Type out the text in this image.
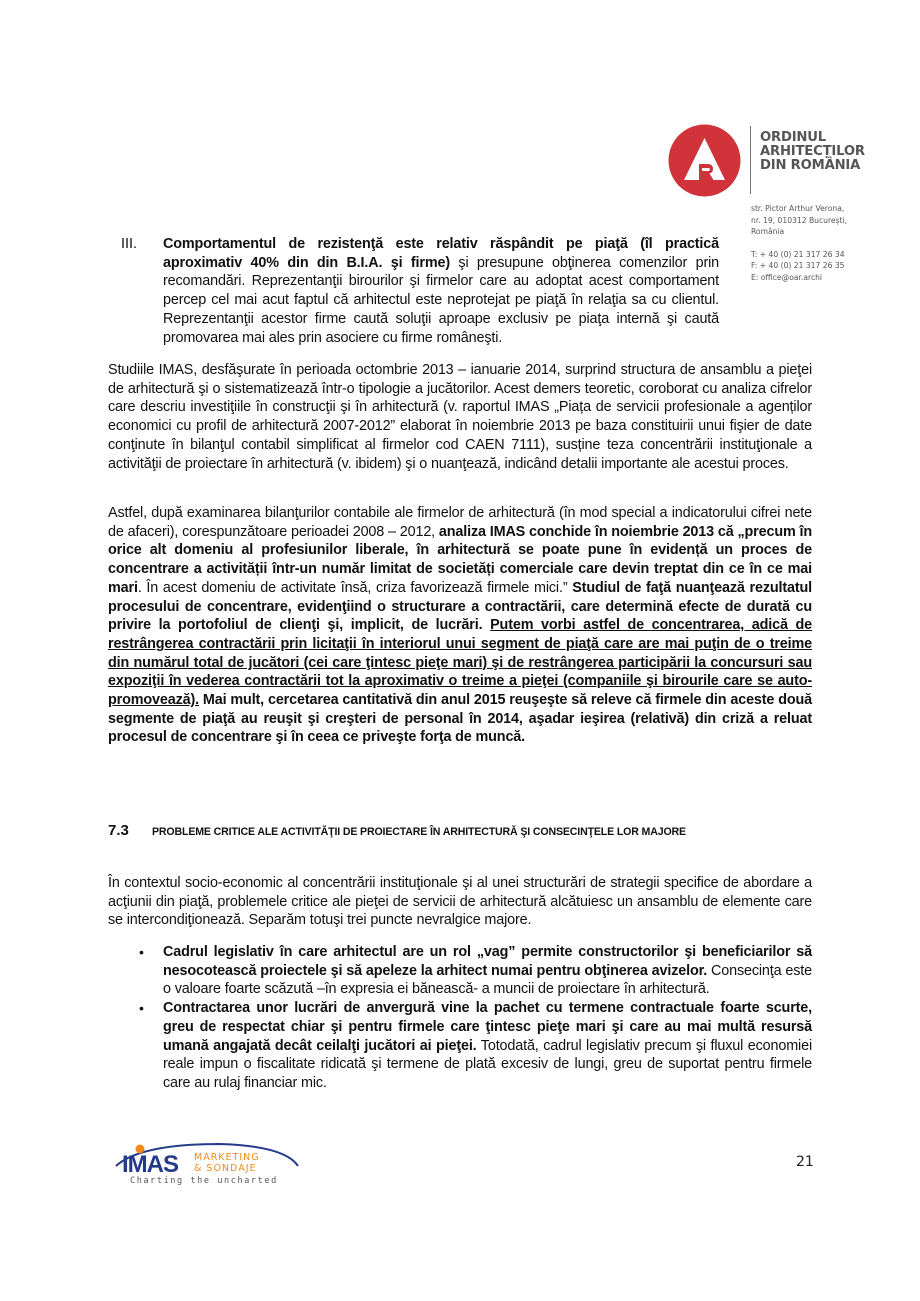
ORDINUL
ARHITECȚILOR
DIN ROMÂNIA
str. Pictor Arthur Verona,
nr. 19, 010312 București,
România
T: + 40 (0) 21 317 26 34
F: + 40 (0) 21 317 26 35
E: office@oar.archi
III. Comportamentul de rezistenţă este relativ răspândit pe piaţă (îl practică aproximativ 40% din din B.I.A. şi firme) şi presupune obţinerea comenzilor prin recomandări. Reprezentanţii birourilor şi firmelor care au adoptat acest comportament percep cel mai acut faptul că arhitectul este neprotejat pe piaţă în relaţia sa cu clientul. Reprezentanţii acestor firme caută soluţii aproape exclusiv pe piaţa internă şi caută promovarea mai ales prin asociere cu firme româneşti.
Studiile IMAS, desfăşurate în perioada octombrie 2013 – ianuarie 2014, surprind structura de ansamblu a pieţei de arhitectură şi o sistematizează într-o tipologie a jucătorilor. Acest demers teoretic, coroborat cu analiza cifrelor care descriu investiţiile în construcţii şi în arhitectură (v. raportul IMAS „Piața de servicii profesionale a agenților economici cu profil de arhitectură 2007-2012” elaborat în noiembrie 2013 pe baza constituirii unui fişier de date conţinute în bilanţul contabil simplificat al firmelor cod CAEN 7111), susține teza concentrării instituţionale a activităţii de proiectare în arhitectură (v. ibidem) şi o nuanţează, indicând detalii importante ale acestui proces.
Astfel, după examinarea bilanţurilor contabile ale firmelor de arhitectură (în mod special a indicatorului cifrei nete de afaceri), corespunzătoare perioadei 2008 – 2012, analiza IMAS conchide în noiembrie 2013 că „precum în orice alt domeniu al profesiunilor liberale, în arhitectură se poate pune în evidență un proces de concentrare a activității într-un număr limitat de societăți comerciale care devin treptat din ce în ce mai mari. În acest domeniu de activitate însă, criza favorizează firmele mici.” Studiul de faţă nuanţează rezultatul procesului de concentrare, evidenţiind o structurare a contractării, care determină efecte de durată cu privire la portofoliul de clienţi şi, implicit, de lucrări. Putem vorbi astfel de concentrarea, adică de restrângerea contractării prin licitaţii în interiorul unui segment de piaţă care are mai puţin de o treime din numărul total de jucători (cei care ţintesc pieţe mari) şi de restrângerea participării la concursuri sau expoziţii în vederea contractării tot la aproximativ o treime a pieţei (companiile şi birourile care se auto-promovează). Mai mult, cercetarea cantitativă din anul 2015 reuşeşte să releve că firmele din aceste două segmente de piaţă au reuşit şi creşteri de personal în 2014, aşadar ieşirea (relativă) din criză a reluat procesul de concentrare şi în ceea ce priveşte forţa de muncă.
7.3 PROBLEME CRITICE ALE ACTIVITĂŢII DE PROIECTARE ÎN ARHITECTURĂ ŞI CONSECINŢELE LOR MAJORE
În contextul socio-economic al concentrării instituţionale şi al unei structurări de strategii specifice de abordare a acţiunii din piaţă, problemele critice ale pieţei de servicii de arhitectură alcătuiesc un ansamblu de elemente care se intercondiţionează. Separăm totuşi trei puncte nevralgice majore.
• Cadrul legislativ în care arhitectul are un rol „vag” permite constructorilor şi beneficiarilor să nesocotească proiectele şi să apeleze la arhitect numai pentru obţinerea avizelor. Consecinţa este o valoare foarte scăzută –în expresia ei bănească- a muncii de proiectare în arhitectură.
• Contractarea unor lucrări de anvergură vine la pachet cu termene contractuale foarte scurte, greu de respectat chiar şi pentru firmele care ţintesc pieţe mari şi care au mai multă resursă umană angajată decât ceilalţi jucători ai pieţei. Totodată, cadrul legislativ precum şi fluxul economiei reale impun o fiscalitate ridicată şi termene de plată excesiv de lungi, greu de suportat pentru firmele care au rulaj financiar mic.
IMAS MARKETING
& SONDAJE
Charting the uncharted
21
